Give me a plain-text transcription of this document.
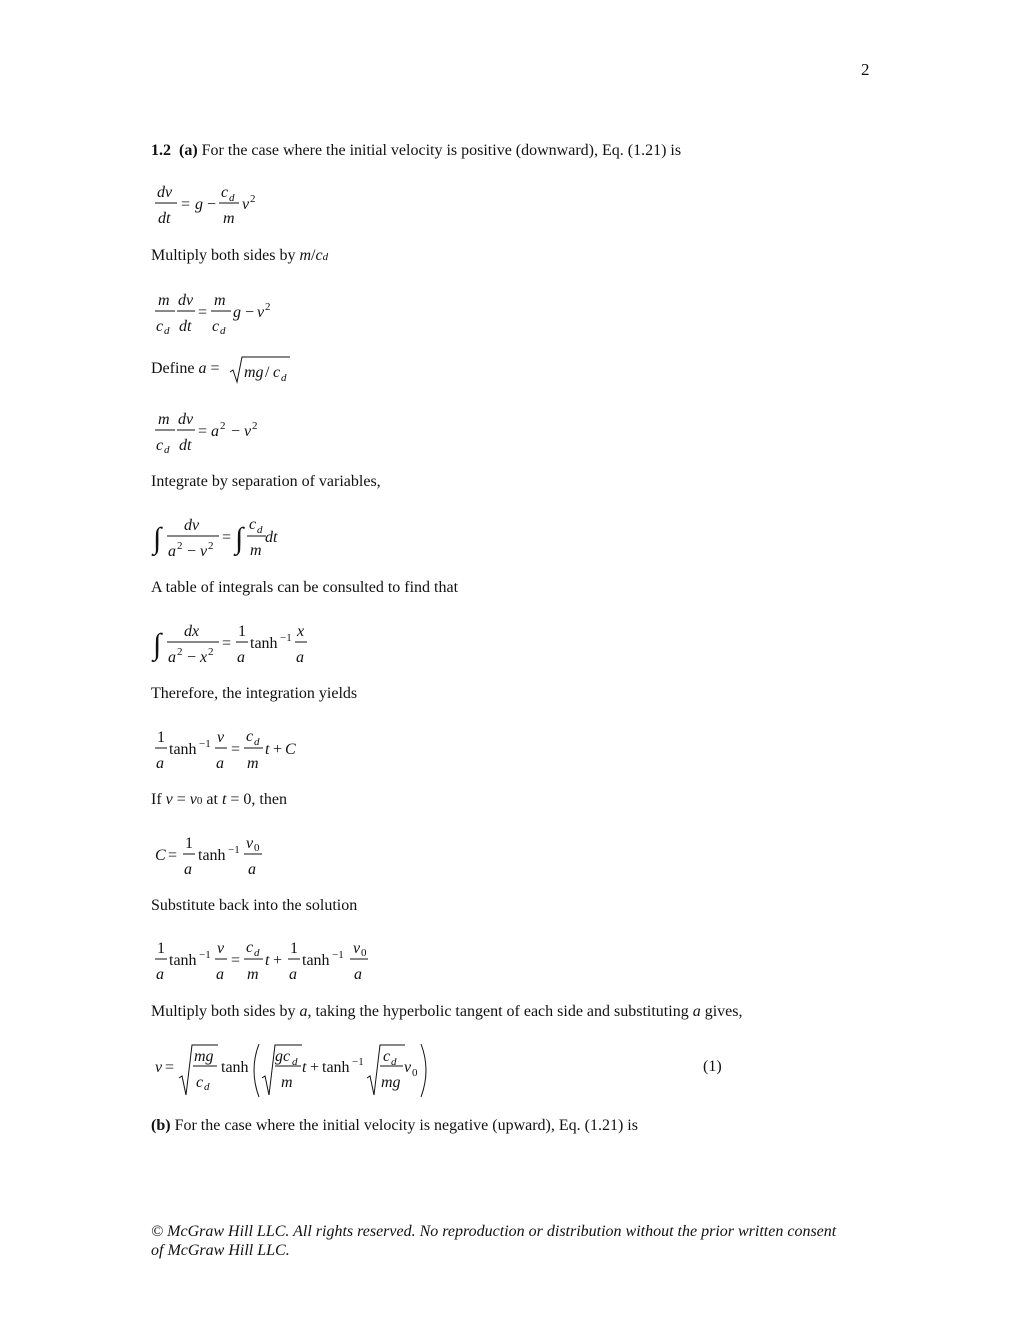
2
1.2 (a) For the case where the initial velocity is positive (downward), Eq. (1.21) is
dv
dt
= g −
c d
m
v 2
Multiply both sides by m/cd
m
c d
dv
dt
=
m
c d
g − v 2
Define a = mg / c d
m
c d
dv
dt
= a 2 − v 2
Integrate by separation of variables,
∫ dv
a 2 − v 2 = ∫ c d
m
dt
A table of integrals can be consulted to find that
∫ dx
a 2 − x 2 =
1
a
tanh −1 x
a
Therefore, the integration yields
1
a
tanh −1 v
a
=
c d
m
t + C
If v = v0 at t = 0, then
C =
1
a
tanh −1 v 0
a
Substitute back into the solution
1
a
tanh −1 v
a
=
c d
m
t +
1
a
tanh −1 v 0
a
Multiply both sides by a, taking the hyperbolic tangent of each side and substituting a gives,
v =
mg
c d
tanh
gc d
m
t + tanh −1 c d
mg
v 0	(1)
(b) For the case where the initial velocity is negative (upward), Eq. (1.21) is
© McGraw Hill LLC. All rights reserved. No reproduction or distribution without the prior written consent
of McGraw Hill LLC.
